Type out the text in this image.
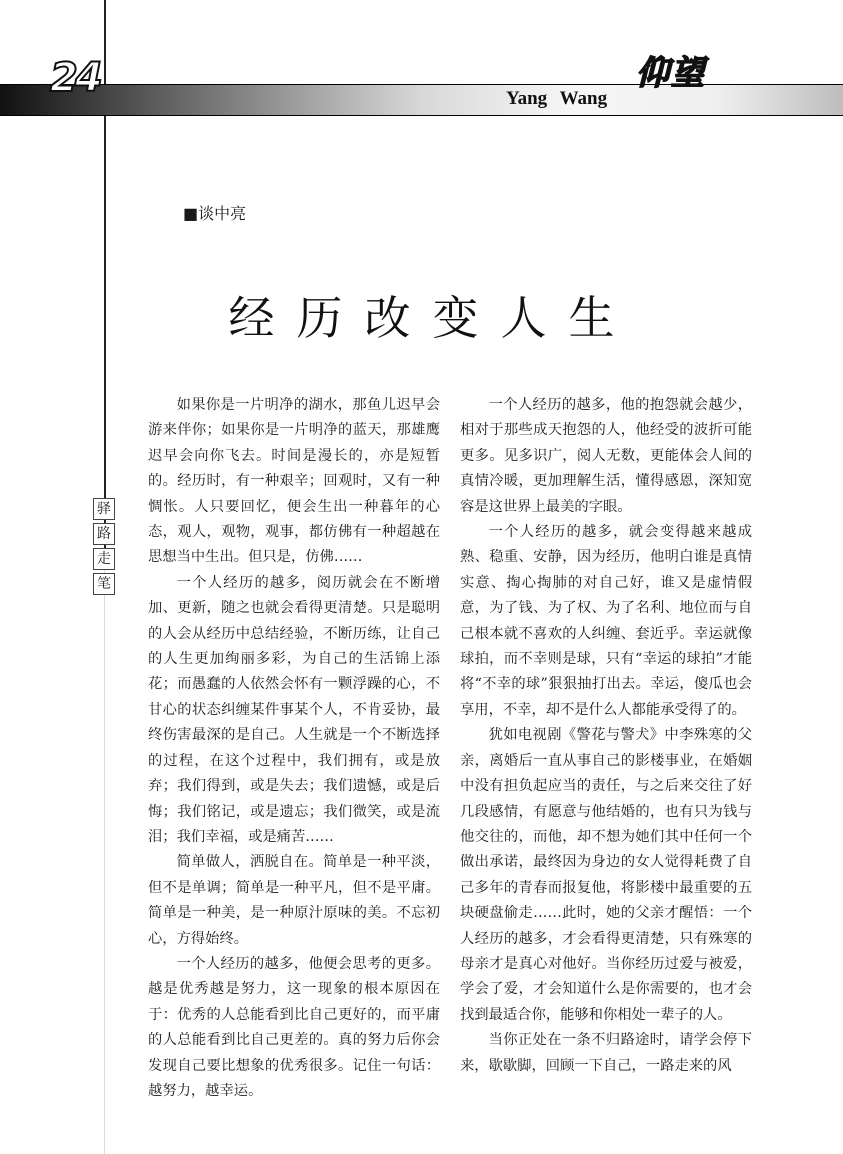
24	Yang Wang
仰望
驿
路
走
笔
■谈中亮
经历改变人生

如果你是一片明净的湖水，那鱼儿迟早会游来伴你；如果你是一片明净的蓝天，那雄鹰迟早会向你飞去。时间是漫长的，亦是短暂的。经历时，有一种艰辛；回观时，又有一种惆怅。人只要回忆，便会生出一种暮年的心态，观人，观物，观事，都仿佛有一种超越在思想当中生出。但只是，仿佛……

一个人经历的越多，阅历就会在不断增加、更新，随之也就会看得更清楚。只是聪明的人会从经历中总结经验，不断历练，让自己的人生更加绚丽多彩，为自己的生活锦上添花；而愚蠢的人依然会怀有一颗浮躁的心，不甘心的状态纠缠某件事某个人，不肯妥协，最终伤害最深的是自己。人生就是一个不断选择的过程，在这个过程中，我们拥有，或是放弃；我们得到，或是失去；我们遗憾，或是后悔；我们铭记，或是遗忘；我们微笑，或是流泪；我们幸福，或是痛苦……

简单做人，洒脱自在。简单是一种平淡，但不是单调；简单是一种平凡，但不是平庸。简单是一种美，是一种原汁原味的美。不忘初心，方得始终。

一个人经历的越多，他便会思考的更多。越是优秀越是努力，这一现象的根本原因在于：优秀的人总能看到比自己更好的，而平庸的人总能看到比自己更差的。真的努力后你会发现自己要比想象的优秀很多。记住一句话：越努力，越幸运。

一个人经历的越多，他的抱怨就会越少，相对于那些成天抱怨的人，他经受的波折可能更多。见多识广，阅人无数，更能体会人间的真情冷暖，更加理解生活，懂得感恩，深知宽容是这世界上最美的字眼。

一个人经历的越多，就会变得越来越成熟、稳重、安静，因为经历，他明白谁是真情实意、掏心掏肺的对自己好，谁又是虚情假意，为了钱、为了权、为了名利、地位而与自己根本就不喜欢的人纠缠、套近乎。幸运就像球拍，而不幸则是球，只有“幸运的球拍”才能将“不幸的球”狠狠抽打出去。幸运，傻瓜也会享用，不幸，却不是什么人都能承受得了的。

犹如电视剧《警花与警犬》中李殊寒的父亲，离婚后一直从事自己的影楼事业，在婚姻中没有担负起应当的责任，与之后来交往了好几段感情，有愿意与他结婚的，也有只为钱与他交往的，而他，却不想为她们其中任何一个做出承诺，最终因为身边的女人觉得耗费了自己多年的青春而报复他，将影楼中最重要的五块硬盘偷走……此时，她的父亲才醒悟：一个人经历的越多，才会看得更清楚，只有殊寒的母亲才是真心对他好。当你经历过爱与被爱，学会了爱，才会知道什么是你需要的，也才会找到最适合你，能够和你相处一辈子的人。

当你正处在一条不归路途时，请学会停下来，歇歇脚，回顾一下自己，一路走来的风
